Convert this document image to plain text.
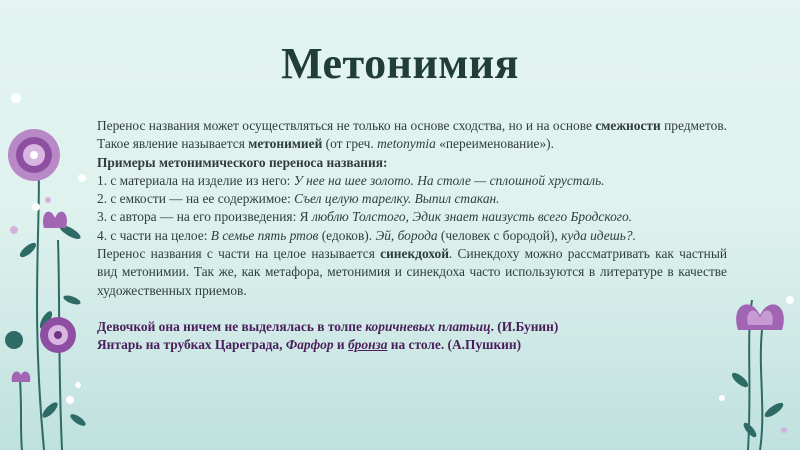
Метонимия

Перенос названия может осуществляться не только на основе сходства, но и на основе смежности предметов. Такое явление называется метонимией (от греч. metonymia «переименование»).

Примеры метонимического переноса названия:

1. с материала на изделие из него: У нее на шее золото. На столе — сплошной хрусталь.

2. с емкости — на ее содержимое: Съел целую тарелку. Выпил стакан.

3. с автора — на его произведения: Я люблю Толстого, Эдик знает наизусть всего Бродского.

4. с части на целое: В семье пять ртов (едоков). Эй, борода (человек с бородой), куда идешь?.

Перенос названия с части на целое называется синекдохой. Синекдоху можно рассматривать как частный вид метонимии. Так же, как метафора, метонимия и синекдоха часто используются в литературе в качестве художественных приемов.

Девочкой она ничем не выделялась в толпе коричневых платьиц. (И.Бунин)

Янтарь на трубках Цареграда, Фарфор и бронза на столе. (А.Пушкин)
